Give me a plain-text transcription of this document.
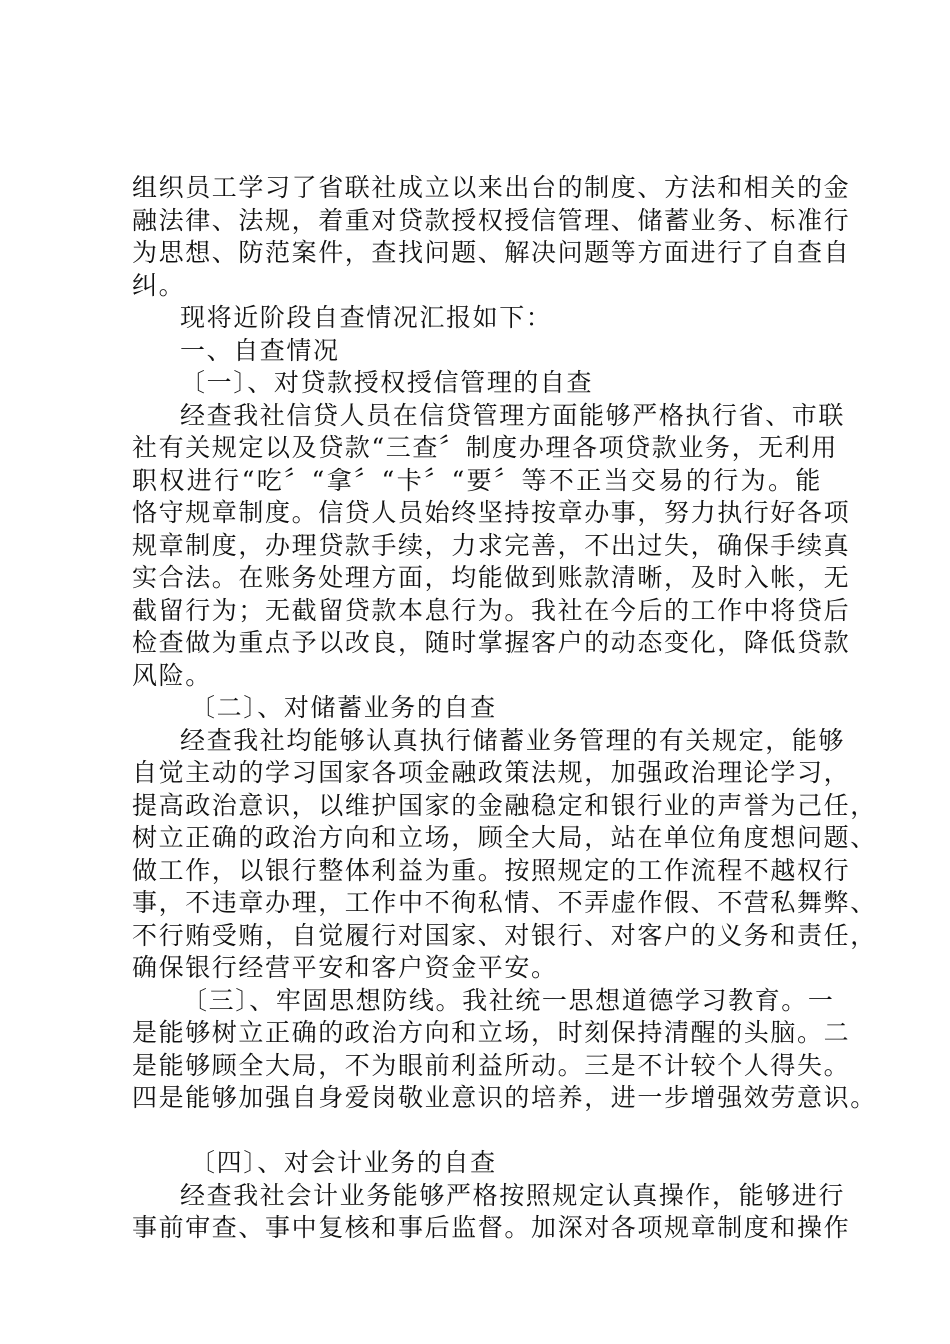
组织员工学习了省联社成立以来出台的制度、方法和相关的金
融法律、法规，着重对贷款授权授信管理、储蓄业务、标准行
为思想、防范案件，查找问题、解决问题等方面进行了自查自
纠。
现将近阶段自查情况汇报如下：
一、自查情况
〔一〕、对贷款授权授信管理的自查
经查我社信贷人员在信贷管理方面能够严格执行省、市联
社有关规定以及贷款“三查〞制度办理各项贷款业务，无利用
职权进行“吃〞“拿〞“卡〞“要〞等不正当交易的行为。能
恪守规章制度。信贷人员始终坚持按章办事，努力执行好各项
规章制度，办理贷款手续，力求完善，不出过失，确保手续真
实合法。在账务处理方面，均能做到账款清晰，及时入帐，无
截留行为；无截留贷款本息行为。我社在今后的工作中将贷后
检查做为重点予以改良，随时掌握客户的动态变化，降低贷款
风险。
〔二〕、对储蓄业务的自查
经查我社均能够认真执行储蓄业务管理的有关规定，能够
自觉主动的学习国家各项金融政策法规，加强政治理论学习，
提高政治意识，以维护国家的金融稳定和银行业的声誉为己任，
树立正确的政治方向和立场，顾全大局，站在单位角度想问题、
做工作，以银行整体利益为重。按照规定的工作流程不越权行
事，不违章办理，工作中不徇私情、不弄虚作假、不营私舞弊、
不行贿受贿，自觉履行对国家、对银行、对客户的义务和责任，
确保银行经营平安和客户资金平安。
〔三〕、牢固思想防线。我社统一思想道德学习教育。一
是能够树立正确的政治方向和立场，时刻保持清醒的头脑。二
是能够顾全大局，不为眼前利益所动。三是不计较个人得失。
四是能够加强自身爱岗敬业意识的培养，进一步增强效劳意识。
〔四〕、对会计业务的自查
经查我社会计业务能够严格按照规定认真操作，能够进行
事前审查、事中复核和事后监督。加深对各项规章制度和操作
